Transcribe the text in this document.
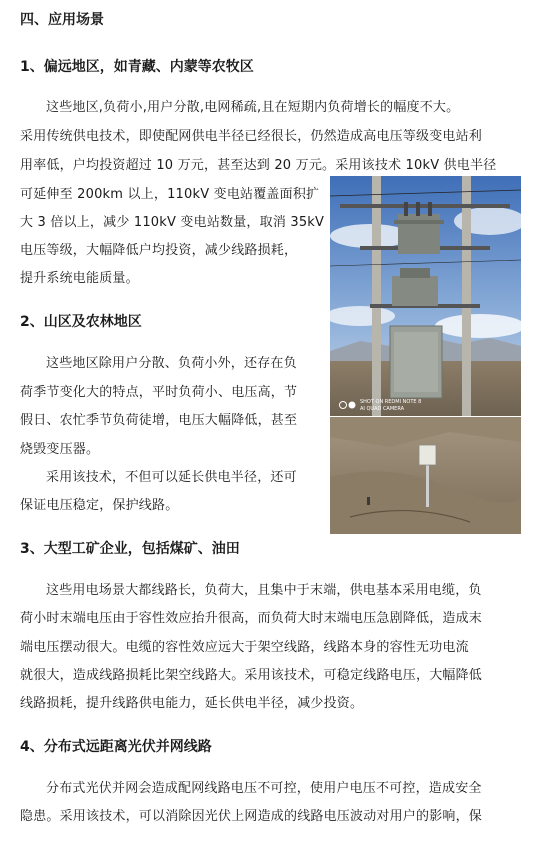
四、应用场景
1、偏远地区，如青藏、内蒙等农牧区
这些地区,负荷小,用户分散,电网稀疏,且在短期内负荷增长的幅度不大。
采用传统供电技术，即使配网供电半径已经很长，仍然造成高电压等级变电站利
用率低，户均投资超过 10 万元，甚至达到 20 万元。采用该技术 10kV 供电半径
可延伸至 200km 以上，110kV 变电站覆盖面积扩
大 3 倍以上，减少 110kV 变电站数量，取消 35kV
电压等级，大幅降低户均投资，减少线路损耗，
提升系统电能质量。
2、山区及农林地区
这些地区除用户分散、负荷小外，还存在负
荷季节变化大的特点，平时负荷小、电压高，节
假日、农忙季节负荷徒增，电压大幅降低，甚至
烧毁变压器。
采用该技术，不但可以延长供电半径，还可
保证电压稳定，保护线路。
3、大型工矿企业，包括煤矿、油田
这些用电场景大都线路长，负荷大，且集中于末端，供电基本采用电缆，负
荷小时末端电压由于容性效应抬升很高，而负荷大时末端电压急剧降低，造成末
端电压摆动很大。电缆的容性效应远大于架空线路，线路本身的容性无功电流
就很大，造成线路损耗比架空线路大。采用该技术，可稳定线路电压，大幅降低
线路损耗，提升线路供电能力，延长供电半径，减少投资。
4、分布式远距离光伏并网线路
分布式光伏并网会造成配网线路电压不可控，使用户电压不可控，造成安全
隐患。采用该技术，可以消除因光伏上网造成的线路电压波动对用户的影响，保
SHOT ON REDMI NOTE 8
AI QUAD CAMERA
